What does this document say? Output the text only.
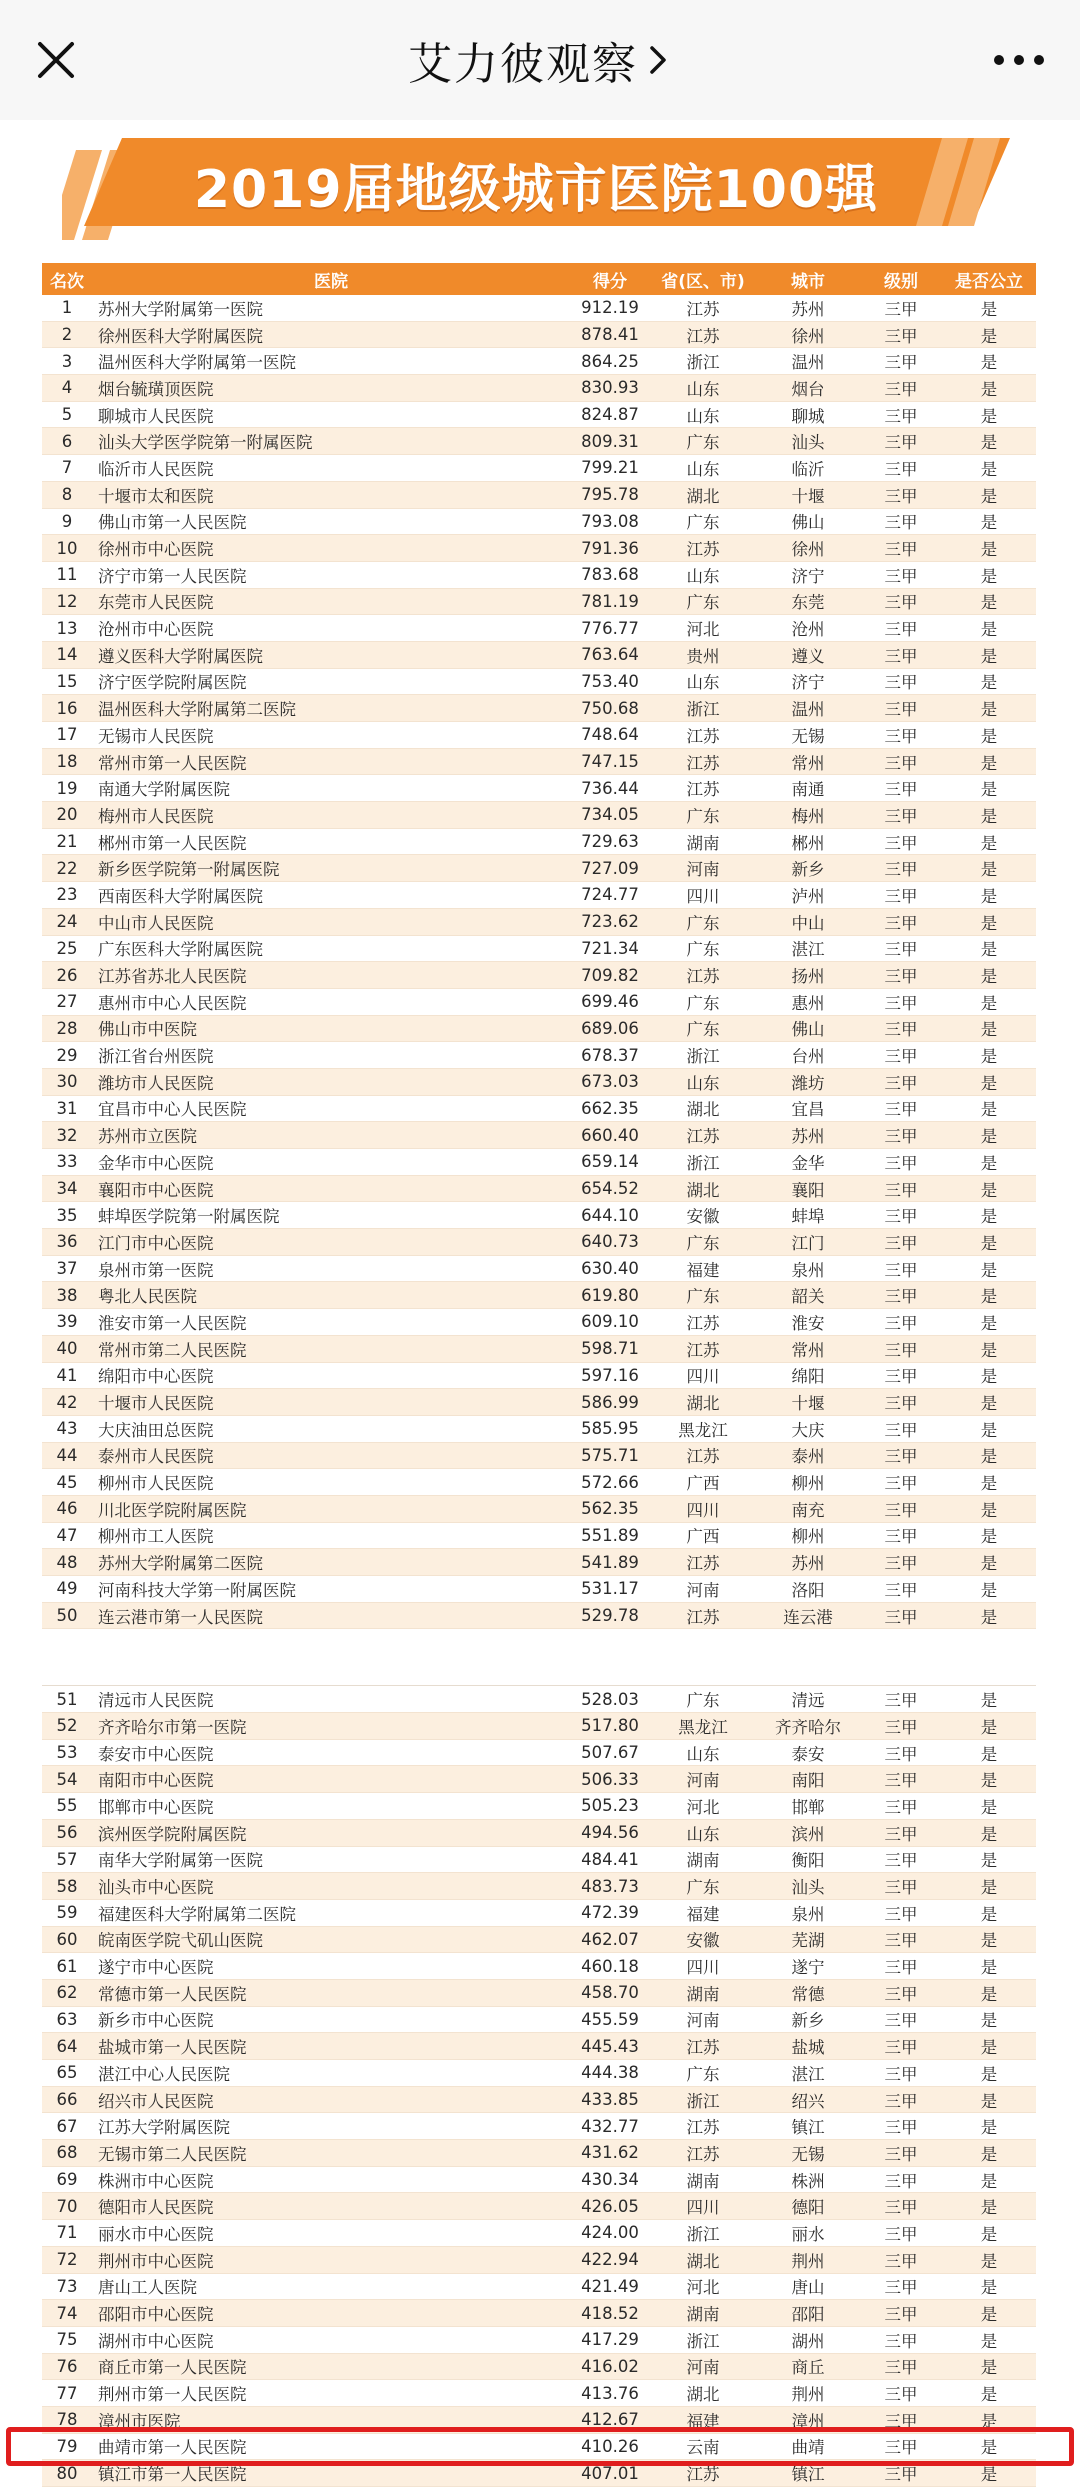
艾力彼观察
2019届地级城市医院100强
名次	医院	得分	省(区、市)	城市	级别	是否公立
1	苏州大学附属第一医院	912.19	江苏	苏州	三甲	是
2	徐州医科大学附属医院	878.41	江苏	徐州	三甲	是
3	温州医科大学附属第一医院	864.25	浙江	温州	三甲	是
4	烟台毓璜顶医院	830.93	山东	烟台	三甲	是
5	聊城市人民医院	824.87	山东	聊城	三甲	是
6	汕头大学医学院第一附属医院	809.31	广东	汕头	三甲	是
7	临沂市人民医院	799.21	山东	临沂	三甲	是
8	十堰市太和医院	795.78	湖北	十堰	三甲	是
9	佛山市第一人民医院	793.08	广东	佛山	三甲	是
10	徐州市中心医院	791.36	江苏	徐州	三甲	是
11	济宁市第一人民医院	783.68	山东	济宁	三甲	是
12	东莞市人民医院	781.19	广东	东莞	三甲	是
13	沧州市中心医院	776.77	河北	沧州	三甲	是
14	遵义医科大学附属医院	763.64	贵州	遵义	三甲	是
15	济宁医学院附属医院	753.40	山东	济宁	三甲	是
16	温州医科大学附属第二医院	750.68	浙江	温州	三甲	是
17	无锡市人民医院	748.64	江苏	无锡	三甲	是
18	常州市第一人民医院	747.15	江苏	常州	三甲	是
19	南通大学附属医院	736.44	江苏	南通	三甲	是
20	梅州市人民医院	734.05	广东	梅州	三甲	是
21	郴州市第一人民医院	729.63	湖南	郴州	三甲	是
22	新乡医学院第一附属医院	727.09	河南	新乡	三甲	是
23	西南医科大学附属医院	724.77	四川	泸州	三甲	是
24	中山市人民医院	723.62	广东	中山	三甲	是
25	广东医科大学附属医院	721.34	广东	湛江	三甲	是
26	江苏省苏北人民医院	709.82	江苏	扬州	三甲	是
27	惠州市中心人民医院	699.46	广东	惠州	三甲	是
28	佛山市中医院	689.06	广东	佛山	三甲	是
29	浙江省台州医院	678.37	浙江	台州	三甲	是
30	潍坊市人民医院	673.03	山东	潍坊	三甲	是
31	宜昌市中心人民医院	662.35	湖北	宜昌	三甲	是
32	苏州市立医院	660.40	江苏	苏州	三甲	是
33	金华市中心医院	659.14	浙江	金华	三甲	是
34	襄阳市中心医院	654.52	湖北	襄阳	三甲	是
35	蚌埠医学院第一附属医院	644.10	安徽	蚌埠	三甲	是
36	江门市中心医院	640.73	广东	江门	三甲	是
37	泉州市第一医院	630.40	福建	泉州	三甲	是
38	粤北人民医院	619.80	广东	韶关	三甲	是
39	淮安市第一人民医院	609.10	江苏	淮安	三甲	是
40	常州市第二人民医院	598.71	江苏	常州	三甲	是
41	绵阳市中心医院	597.16	四川	绵阳	三甲	是
42	十堰市人民医院	586.99	湖北	十堰	三甲	是
43	大庆油田总医院	585.95	黑龙江	大庆	三甲	是
44	泰州市人民医院	575.71	江苏	泰州	三甲	是
45	柳州市人民医院	572.66	广西	柳州	三甲	是
46	川北医学院附属医院	562.35	四川	南充	三甲	是
47	柳州市工人医院	551.89	广西	柳州	三甲	是
48	苏州大学附属第二医院	541.89	江苏	苏州	三甲	是
49	河南科技大学第一附属医院	531.17	河南	洛阳	三甲	是
50	连云港市第一人民医院	529.78	江苏	连云港	三甲	是

51	清远市人民医院	528.03	广东	清远	三甲	是
52	齐齐哈尔市第一医院	517.80	黑龙江	齐齐哈尔	三甲	是
53	泰安市中心医院	507.67	山东	泰安	三甲	是
54	南阳市中心医院	506.33	河南	南阳	三甲	是
55	邯郸市中心医院	505.23	河北	邯郸	三甲	是
56	滨州医学院附属医院	494.56	山东	滨州	三甲	是
57	南华大学附属第一医院	484.41	湖南	衡阳	三甲	是
58	汕头市中心医院	483.73	广东	汕头	三甲	是
59	福建医科大学附属第二医院	472.39	福建	泉州	三甲	是
60	皖南医学院弋矶山医院	462.07	安徽	芜湖	三甲	是
61	遂宁市中心医院	460.18	四川	遂宁	三甲	是
62	常德市第一人民医院	458.70	湖南	常德	三甲	是
63	新乡市中心医院	455.59	河南	新乡	三甲	是
64	盐城市第一人民医院	445.43	江苏	盐城	三甲	是
65	湛江中心人民医院	444.38	广东	湛江	三甲	是
66	绍兴市人民医院	433.85	浙江	绍兴	三甲	是
67	江苏大学附属医院	432.77	江苏	镇江	三甲	是
68	无锡市第二人民医院	431.62	江苏	无锡	三甲	是
69	株洲市中心医院	430.34	湖南	株洲	三甲	是
70	德阳市人民医院	426.05	四川	德阳	三甲	是
71	丽水市中心医院	424.00	浙江	丽水	三甲	是
72	荆州市中心医院	422.94	湖北	荆州	三甲	是
73	唐山工人医院	421.49	河北	唐山	三甲	是
74	邵阳市中心医院	418.52	湖南	邵阳	三甲	是
75	湖州市中心医院	417.29	浙江	湖州	三甲	是
76	商丘市第一人民医院	416.02	河南	商丘	三甲	是
77	荆州市第一人民医院	413.76	湖北	荆州	三甲	是
78	漳州市医院	412.67	福建	漳州	三甲	是
79	曲靖市第一人民医院	410.26	云南	曲靖	三甲	是
80	镇江市第一人民医院	407.01	江苏	镇江	三甲	是
